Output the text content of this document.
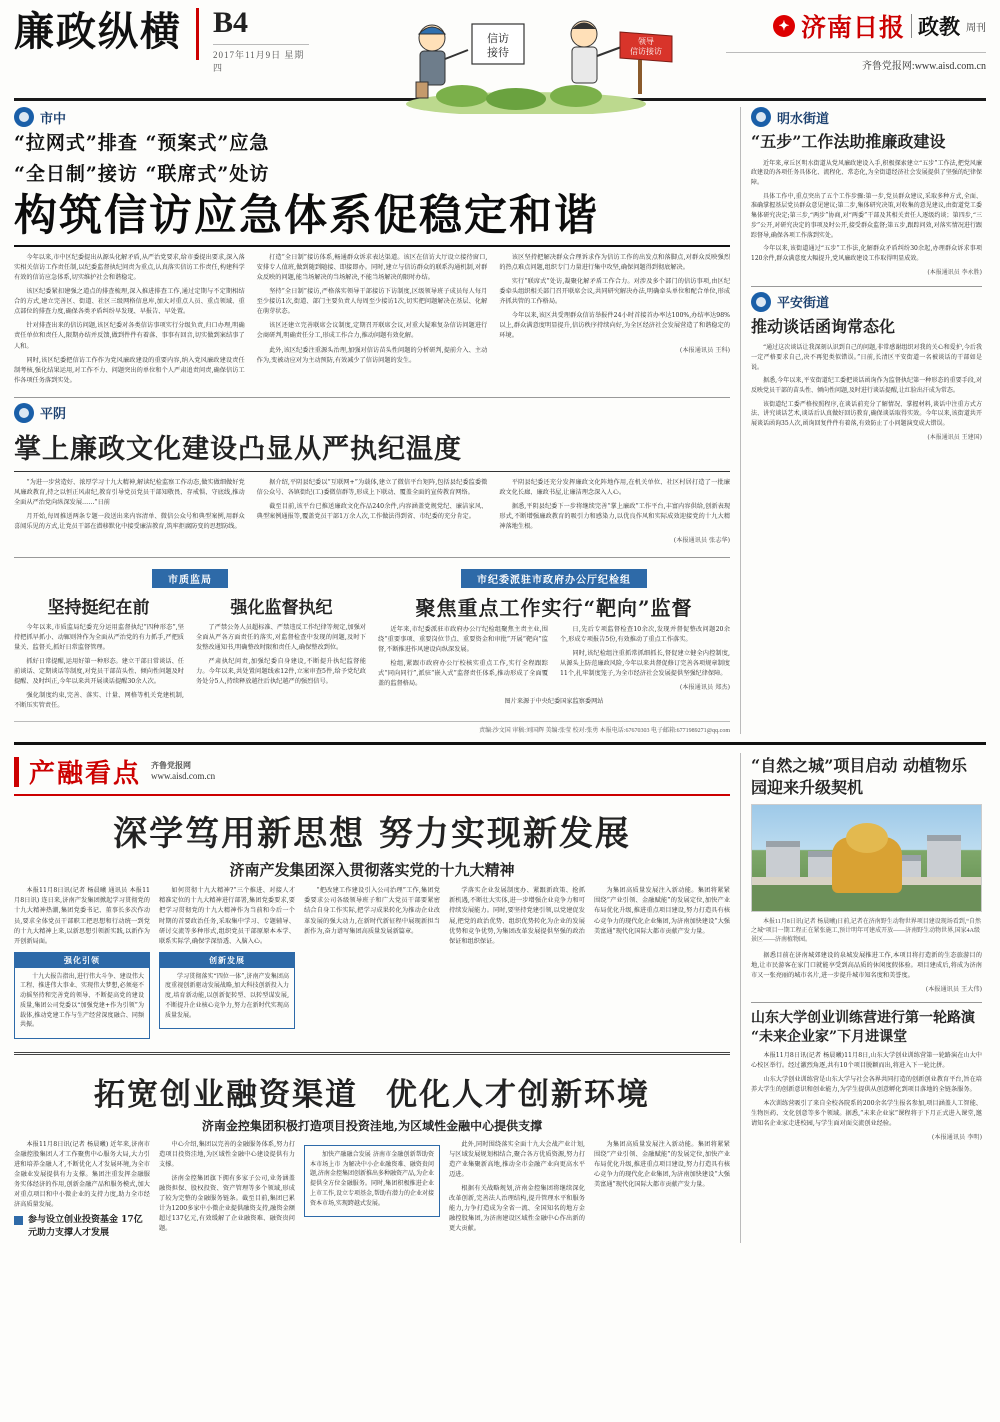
廉政纵横 B4
2017年11月9日 星期四
信访
接待
领导
信访接访
✦ 济南日报 政教 周刊
齐鲁党报网:www.aisd.com.cn
市中
“拉网式”排查 “预案式”应急
“全日制”接访 “联席式”处访
构筑信访应急体系促稳定和谐

今年以来,市中区纪委提出从源头化解矛盾,从严治党要求,给市委提出要求,深入落实相关信访工作责任制,以纪委监督执纪问责为重点,认真落实信访工作责任,构建科学有效的信访应急体系,切实维护社会和谐稳定。

该区纪委紧扣建强之道点的排查梳理,深入推进排查工作,通过定期与不定期相结合的方式,建立完善区、街道、社区三级网格信息库,加大对重点人员、重点领域、重点部位的排查力度,确保各类矛盾纠纷早发现、早报告、早处置。

针对排查出来的信访问题,该区纪委对各类信访事项实行分级负责,归口办理,明确责任单位和责任人,限期办结并反馈,做到件件有着落、事事有回音,切实做到案结事了人和。

同时,该区纪委把信访工作作为党风廉政建设的重要内容,纳入党风廉政建设责任制考核,强化结果运用,对工作不力、问题突出的单位和个人严肃追责问责,确保信访工作各项任务落到实处。

打造“全日制”接访体系,畅通群众诉求表达渠道。该区在信访大厅设立接待窗口,安排专人值班,做到随到随接、即接即办。同时,建立与信访群众的联系沟通机制,对群众反映的问题,能当场解决的当场解决,不能当场解决的限时办结。

坚持“全日制”接访,严格落实领导干部接访下访制度,区级领导班子成员每人每月至少接访1次,街道、部门主要负责人每周至少接访1次,切实把问题解决在基层、化解在萌芽状态。

该区还建立完善联席会议制度,定期召开联席会议,对重大疑难复杂信访问题进行会商研判,明确责任分工,形成工作合力,推动问题有效化解。

此外,该区纪委注重源头治理,加强对信访苗头性问题的分析研判,提前介入、主动作为,变被动应对为主动预防,有效减少了信访问题的发生。

该区坚持把解决群众合理诉求作为信访工作的出发点和落脚点,对群众反映强烈的热点难点问题,组织专门力量进行集中攻坚,确保问题得到彻底解决。

实行“联席式”处访,凝聚化解矛盾工作合力。对涉及多个部门的信访事项,由区纪委牵头组织相关部门召开联席会议,共同研究解决办法,明确牵头单位和配合单位,形成齐抓共管的工作格局。

今年以来,该区共受理群众信访举报件24小时首接首办率达100%,办结率达98%以上,群众满意度明显提升,信访秩序持续向好,为全区经济社会发展营造了和谐稳定的环境。

(本报通讯员 王科)

平阴
掌上廉政文化建设凸显从严执纪温度

“为进一步营造好、浓厚学习十九大精神,解读纪检监察工作动态,做实做细做好党风廉政教育,持之以恒正风肃纪,教育引导党员党员干部知敬畏、存戒惧、守底线,推动全面从严治党向纵深发展……”日前

月开始,每周推送两条专题一段送出来内容清单、微信公众号和典型案例,用群众喜闻乐见的方式,让党员干部在潜移默化中接受廉洁教育,筑牢拒腐防变的思想防线。

据介绍,平阴县纪委以“互联网+”为载体,建立了微信平台矩阵,包括县纪委监委微信公众号、各镇街纪(工)委微信群等,形成上下联动、覆盖全面的宣传教育网络。

截至目前,该平台已推送廉政文化作品240余件,内容涵盖党规党纪、廉洁家风、典型案例通报等,覆盖党员干部1万余人次,工作做法得到省、市纪委的充分肯定。

平阴县纪委还充分发挥廉政文化阵地作用,在机关单位、社区村居打造了一批廉政文化长廊、廉政书屋,让廉洁理念深入人心。

据悉,平阴县纪委下一步将继续完善“掌上廉政”工作平台,丰富内容供给,创新表现形式,不断增强廉政教育的吸引力和感染力,以优良作风和实际成效迎接党的十九大精神落地生根。

(本报通讯员 张志华)

市质监局
坚持挺纪在前	强化监督执纪

今年以来,市质监局纪委充分运用监督执纪“四种形态”,坚持把抓早抓小、动辄则咎作为全面从严治党的有力抓手,严把质量关、监督关,抓好日常监督管理。

抓好日常提醒,运用好第一种形态。建立干部日常谈话、任前谈话、定期谈话等制度,对党员干部苗头性、倾向性问题及时提醒、及时纠正,今年以来共开展谈话提醒30余人次。

强化制度约束,完善、落实、计量、网格等机关党建机制,不断压实管责任。

了严禁公务人员超标准、严禁违反工作纪律等规定,加强对全面从严各方面责任的落实,对监督检查中发现的问题,及时下发整改通知书,明确整改时限和责任人,确保整改到位。

严肃执纪问责,加强纪委自身建设,不断提升执纪监督能力。今年以来,共处置问题线索12件,立案审查5件,给予党纪政务处分5人,持续释放越往后执纪越严的强烈信号。

市纪委派驻市政府办公厅纪检组
聚焦重点工作实行“靶向”监督

近年来,市纪委派驻市政府办公厅纪检组聚焦主责主业,围绕“重要事项、重要岗位节点、重要资金和审批”开展“靶向”监督,不断推进作风建设向纵深发展。

检组,紧跟市政府办公厅校核实重点工作,实行全程跟踪式“同向同行”,派驻“嵌入式”监督责任体系,推动形成了全面覆盖的监督格局。

日,先后专项监督检查10余次,发现并督促整改问题20余个,形成专项报告5份,有效推动了重点工作落实。

同时,该纪检组注重抓常抓细抓长,督促建立健全内控制度,从源头上防范廉政风险,今年以来共督促修订完善各项规章制度11个,扎牢制度笼子,为全市经济社会发展提供坚强纪律保障。

(本报通讯员 郑杰)

图片来源于中央纪委国家监察委网站

责编:沙文国 审稿:刘国辉 美编:张莹 校对:张勇 本报电话:67670303 电子邮箱:6771989271@qq.com
明水街道
“五步”工作法助推廉政建设

近年来,章丘区明水街道从党风廉政建设入手,积极探索建立“五步”工作法,把党风廉政建设的各项任务具体化、流程化、常态化,为全街道经济社会发展提供了坚强的纪律保障。

具体工作中,重点突出了五个工作步骤:第一步,党员群众建议,采取多种方式,全面、准确掌握基层党员群众意见建议;第二步,集体研究决策,对收集的意见建议,由街道党工委集体研究决定;第三步,“两步”协商,对“两委”干部及其相关责任人逐级约谈；第四步,“三步”公开,对研究决定的事项及时公开,接受群众监督;第五步,跟踪问效,对落实情况进行跟踪督导,确保各项工作落到实处。

今年以来,该街道通过“五步”工作法,化解群众矛盾纠纷30余起,办理群众诉求事项120余件,群众满意度大幅提升,党风廉政建设工作取得明显成效。

(本报通讯员 李永胜)

平安街道
推动谈话函询常态化

“通过这次谈话让我深刻认识到自己的问题,非常感谢组织对我的关心和爱护,今后我一定严格要求自己,决不再犯类似错误。”日前,长清区平安街道一名被谈话的干部如是说。

据悉,今年以来,平安街道纪工委把谈话函询作为监督执纪第一种形态的重要手段,对反映党员干部的苗头性、倾向性问题,及时进行谈话提醒,让红脸出汗成为常态。

该街道纪工委严格按照程序,在谈话前充分了解情况、掌握材料,谈话中注重方式方法、讲究谈话艺术,谈话后认真做好回访教育,确保谈话取得实效。今年以来,该街道共开展谈话函询35人次,函询回复件件有着落,有效防止了小问题演变成大错误。

(本报通讯员 王建国)

产融看点 齐鲁党报网
www.aisd.com.cn
深学笃用新思想 努力实现新发展
济南产发集团深入贯彻落实党的十九大精神

本报11月8日讯(记者 杨晨曦 通讯员 本报11月8日讯) 连日来,济南产发集团掀起学习贯彻党的十九大精神热潮,集团党委书记、董事长多次作动员,要求全体党员干部职工把思想和行动统一到党的十九大精神上来,以新思想引领新实践,以新作为开创新局面。

强化引领

十九大报告指出,进行伟大斗争、建设伟大工程、推进伟大事业、实现伟大梦想,必须毫不动摇坚持和完善党的领导、不断提高党的建设质量,集团公司党委以“加强党建+作为引领”为载体,推动党建工作与生产经营深度融合、同频共振。

如何贯彻十九大精神?“三个推进、对接人才精准定位的十九大精神进行部署,集团党委要求,要把学习贯彻党的十九大精神作为当前和今后一个时期的首要政治任务,采取集中学习、专题辅导、研讨交流等多种形式,组织党员干部原原本本学、联系实际学,确保学深悟透、入脑入心。

创新发展

学习贯彻落实“四位一体”,济南产发集团高度重视创新驱动发展战略,加大科技创新投入力度,培育新动能,以创新促转型、以转型谋发展,不断提升企业核心竞争力,努力在新时代实现高质量发展。

“把改建工作建设引入公司治理”工作,集团党委要求公司各级领导班子和广大党员干部要紧密结合自身工作实际,把学习成果转化为推动企业改革发展的强大动力,在新时代新征程中展现新担当新作为,奋力谱写集团高质量发展新篇章。

学落实企业发展制度办、紧跟新政策、抢抓新机遇,不断壮大实体,进一步增强企业竞争力和可持续发展能力。同时,要坚持党建引领,以党建促发展,把党的政治优势、组织优势转化为企业的发展优势和竞争优势,为集团改革发展提供坚强的政治保证和组织保证。

为集团高质量发展注入新动能。集团将紧紧围绕“产业引领、金融赋能”的发展定位,加快产业布局优化升级,推进重点项目建设,努力打造具有核心竞争力的现代化企业集团,为济南加快建设“大强美富通”现代化国际大都市贡献产发力量。

拓宽创业融资渠道 优化人才创新环境
济南金控集团积极打造项目投资洼地,为区域性金融中心提供支撑

本报11月8日讯(记者 杨晨曦) 近年来,济南市金融控股集团人才工作聚焦中心服务大局,大力引进和培养金融人才,不断优化人才发展环境,为全市金融业发展提供有力支撑。集团注重发挥金融服务实体经济的作用,创新金融产品和服务模式,加大对重点项目和中小微企业的支持力度,助力全市经济高质量发展。

参与设立创业投资基金 17亿元助力支撑人才发展

中心介绍,集团以完善的金融服务体系,努力打造项目投资洼地,为区域性金融中心建设提供有力支撑。

济南金控集团旗下拥有多家子公司,业务涵盖融资担保、股权投资、资产管理等多个领域,形成了较为完整的金融服务链条。截至目前,集团已累计为1200多家中小微企业提供融资支持,融资金额超过137亿元,有效缓解了企业融资难、融资贵问题。

加快产融融合发展 济南市金融创新帮助资本市场上市 为解决中小企业融资难、融资贵问题,济南金控集团创新推出多种融资产品,为企业提供全方位金融服务。同时,集团积极推进企业上市工作,设立专项基金,帮助有潜力的企业对接资本市场,实现跨越式发展。

此外,同时围绕落实全面十九大会战产业计划,与区域发展规划相结合,聚合各方优质资源,努力打造产业集聚新高地,推动全市金融产业向更高水平迈进。

根据有关战略规划,济南金控集团将继续深化改革创新,完善法人治理结构,提升管理水平和服务能力,力争打造成为全省一流、全国知名的地方金融控股集团,为济南建设区域性金融中心作出新的更大贡献。

为集团高质量发展注入新动能。集团将紧紧围绕“产业引领、金融赋能”的发展定位,加快产业布局优化升级,推进重点项目建设,努力打造具有核心竞争力的现代化企业集团,为济南加快建设“大强美富通”现代化国际大都市贡献产发力量。

“自然之城”项目启动 动植物乐园迎来升级契机

本报11月8日讯(记者 杨晨曦)日前,记者在济南野生动物世界项目建设现场看到,“自然之城”项目一期工程正在紧张施工,预计明年可建成开放——济南野生动物世界,国家4A级景区——济南植物园。

据悉目前在济南城郊建设的泉城发展推进工作,本项目将打造新的生态旅游目的地,让市民游客在家门口就能享受到高品质的休闲度假体验。项目建成后,将成为济南市又一张亮丽的城市名片,进一步提升城市知名度和美誉度。

(本报通讯员 王大伟)

山东大学创业训练营进行第一轮路演 “未来企业家”下月进课堂

本报11月8日讯(记者 杨晨曦)11月8日,山东大学创业训练营第一轮路演在山大中心校区举行。经过激烈角逐,共有10个项目脱颖而出,将进入下一轮比拼。

山东大学创业训练营是山东大学与社会各界共同打造的创新创业教育平台,旨在培养大学生的创新意识和创业能力,为学生提供从创意孵化到项目落地的全链条服务。

本次训练营吸引了来自全校各院系的200余名学生报名参加,项目涵盖人工智能、生物医药、文化创意等多个领域。据悉,“未来企业家”课程将于下月正式进入课堂,邀请知名企业家走进校园,与学生面对面交流创业经验。

(本报通讯员 李明)
